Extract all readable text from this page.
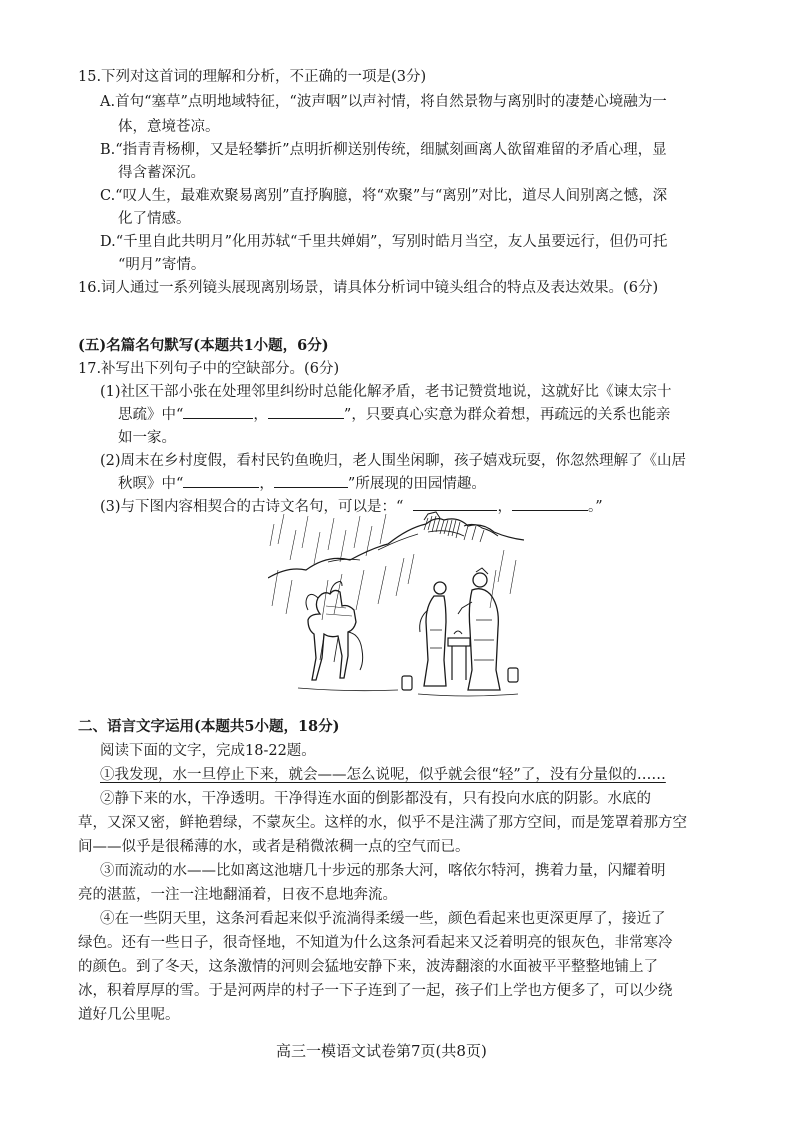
15.下列对这首词的理解和分析，不正确的一项是(3分)
A.首句“塞草”点明地域特征，“波声咽”以声衬情，将自然景物与离别时的凄楚心境融为一
体，意境苍凉。
B.“指青青杨柳，又是轻攀折”点明折柳送别传统，细腻刻画离人欲留难留的矛盾心理，显
得含蓄深沉。
C.“叹人生，最难欢聚易离别”直抒胸臆，将“欢聚”与“离别”对比，道尽人间别离之憾，深
化了情感。
D.“千里自此共明月”化用苏轼“千里共婵娟”，写别时皓月当空，友人虽要远行，但仍可托
“明月”寄情。
16.词人通过一系列镜头展现离别场景，请具体分析词中镜头组合的特点及表达效果。(6分)
(五)名篇名句默写(本题共1小题，6分)
17.补写出下列句子中的空缺部分。(6分)
(1)社区干部小张在处理邻里纠纷时总能化解矛盾，老书记赞赏地说，这就好比《谏太宗十
思疏》中“	，	”，只要真心实意为群众着想，再疏远的关系也能亲
如一家。
(2)周末在乡村度假，看村民钓鱼晚归，老人围坐闲聊，孩子嬉戏玩耍，你忽然理解了《山居
秋暝》中“	，	”所展现的田园情趣。
(3)与下图内容相契合的古诗文名句，可以是：“	，	。”
二、语言文字运用(本题共5小题，18分)
阅读下面的文字，完成18-22题。
①我发现，水一旦停止下来，就会——怎么说呢，似乎就会很“轻”了，没有分量似的……
②静下来的水，干净透明。干净得连水面的倒影都没有，只有投向水底的阴影。水底的
草，又深又密，鲜艳碧绿，不蒙灰尘。这样的水，似乎不是注满了那方空间，而是笼罩着那方空
间——似乎是很稀薄的水，或者是稍微浓稠一点的空气而已。
③而流动的水——比如离这池塘几十步远的那条大河，喀依尔特河，携着力量，闪耀着明
亮的湛蓝，一注一注地翻涌着，日夜不息地奔流。
④在一些阴天里，这条河看起来似乎流淌得柔缓一些，颜色看起来也更深更厚了，接近了
绿色。还有一些日子，很奇怪地，不知道为什么这条河看起来又泛着明亮的银灰色，非常寒冷
的颜色。到了冬天，这条激情的河则会猛地安静下来，波涛翻滚的水面被平平整整地铺上了
冰，积着厚厚的雪。于是河两岸的村子一下子连到了一起，孩子们上学也方便多了，可以少绕
道好几公里呢。
高三一模语文试卷第7页(共8页)
